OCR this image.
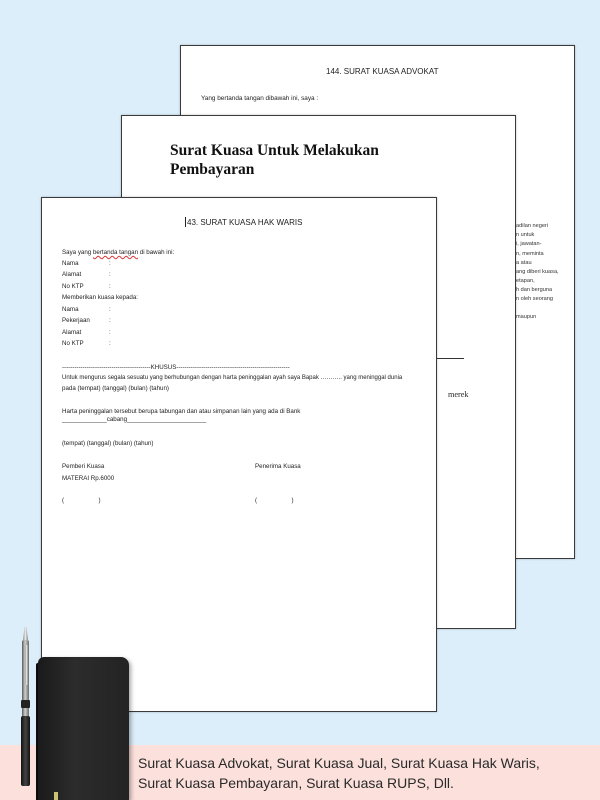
144. SURAT KUASA ADVOKAT
Yang bertanda tangan dibawah ini, saya :
adilan negeri
n untuk
i, jawatan-
n, meminta
a atau
ang diberi kuasa,
etapan,
h dan berguna
n oleh seorang
maupun
Surat Kuasa Untuk Melakukan
Pembayaran
merek
43. SURAT KUASA HAK WARIS
Saya yang bertanda tangan di bawah ini:
Nama	:
Alamat	:
No KTP	:
Memberikan kuasa kepada:
Nama	:
Pekerjaan	:
Alamat	:
No KTP	:
-------------------------------------------KHUSUS-------------------------------------------------------
Untuk mengurus segala sesuatu yang berhubungan dengan harta peninggalan ayah saya Bapak ……….. yang meninggal dunia
pada (tempat) (tanggal) (bulan) (tahun)
Harta peninggalan tersebut berupa tabungan dan atau simpanan lain yang ada di Bank
_____________cabang_______________________
(tempat) (tanggal) (bulan) (tahun)
Pemberi Kuasa	Penerima Kuasa
MATERAI Rp.6000
(                    )	(                    )
Surat Kuasa Advokat, Surat Kuasa Jual, Surat Kuasa Hak Waris,
Surat Kuasa Pembayaran, Surat Kuasa RUPS, Dll.
